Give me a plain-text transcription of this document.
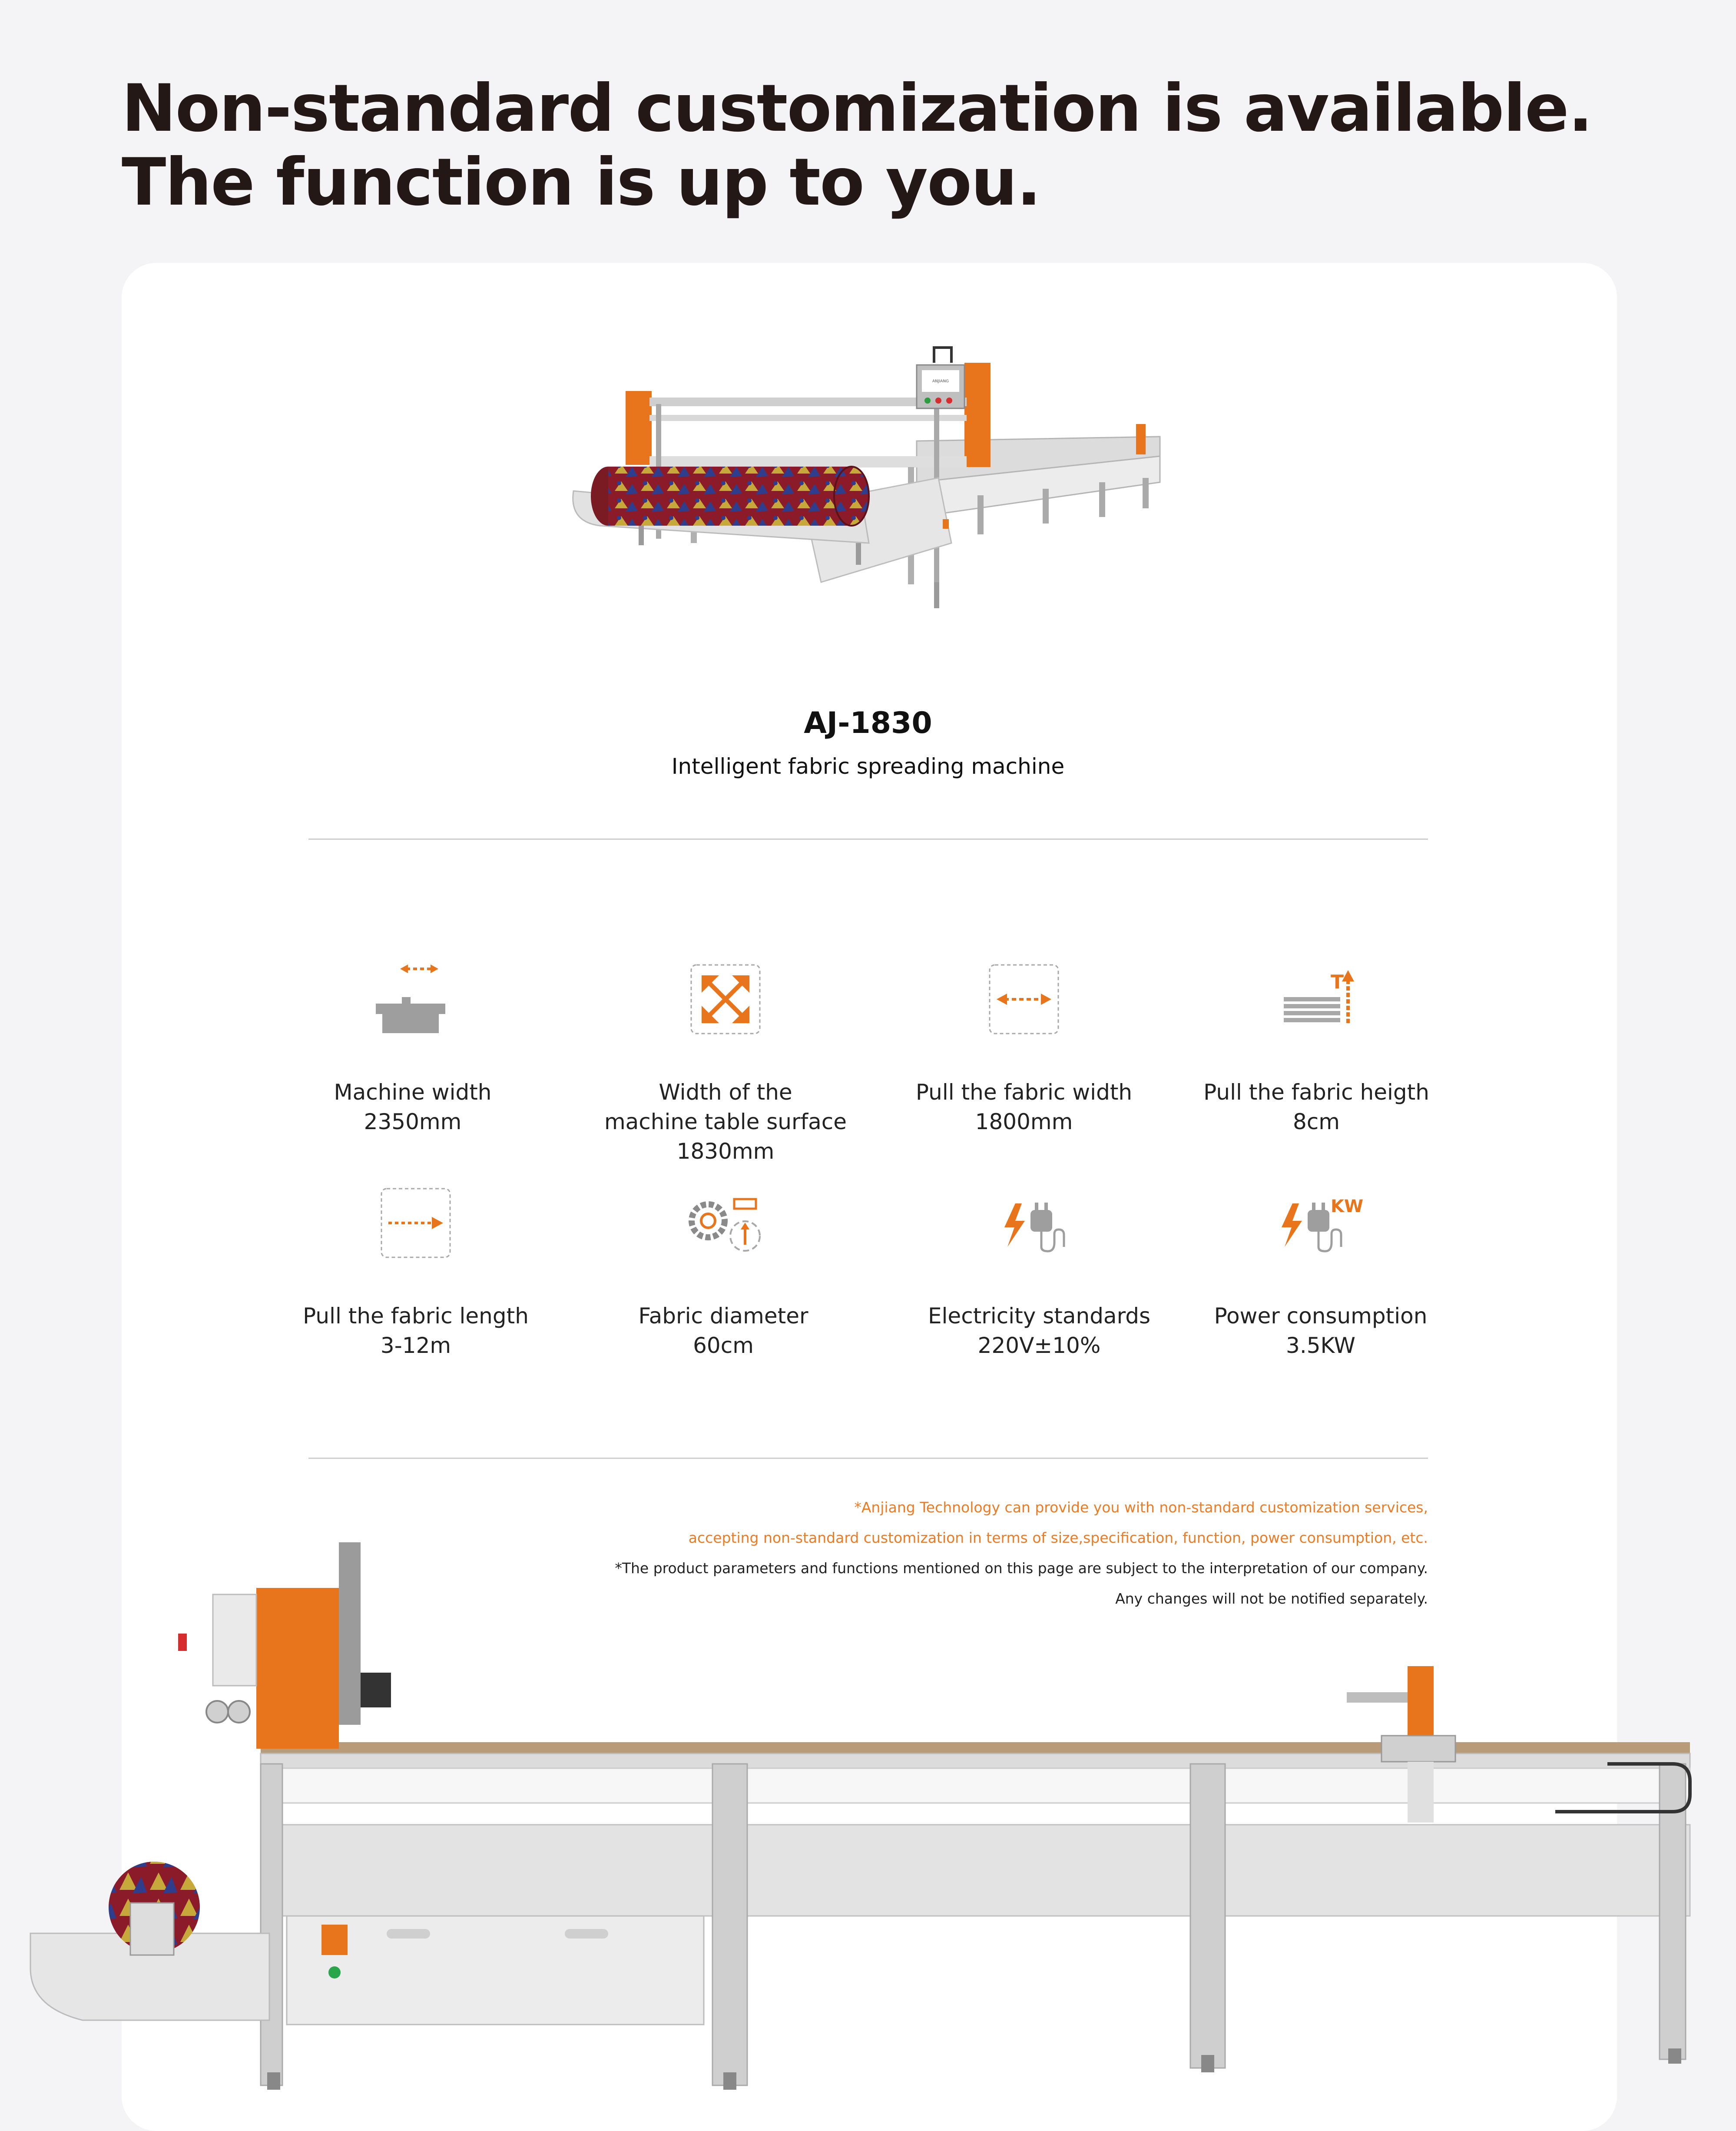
Non-standard customization is available.
The function is up to you.
ANJIANG
AJ-1830
Intelligent fabric spreading machine
Machine width
2350mm
Width of the
machine table surface
1830mm
Pull the fabric width
1800mm
T
Pull the fabric heigth
8cm
Pull the fabric length
3-12m
Fabric diameter
60cm
Electricity standards
220V±10%
KW
Power consumption
3.5KW
*Anjiang Technology can provide you with non-standard customization services,
accepting non-standard customization in terms of size,specification, function, power consumption, etc.
*The product parameters and functions mentioned on this page are subject to the interpretation of our company.
Any changes will not be notified separately.
